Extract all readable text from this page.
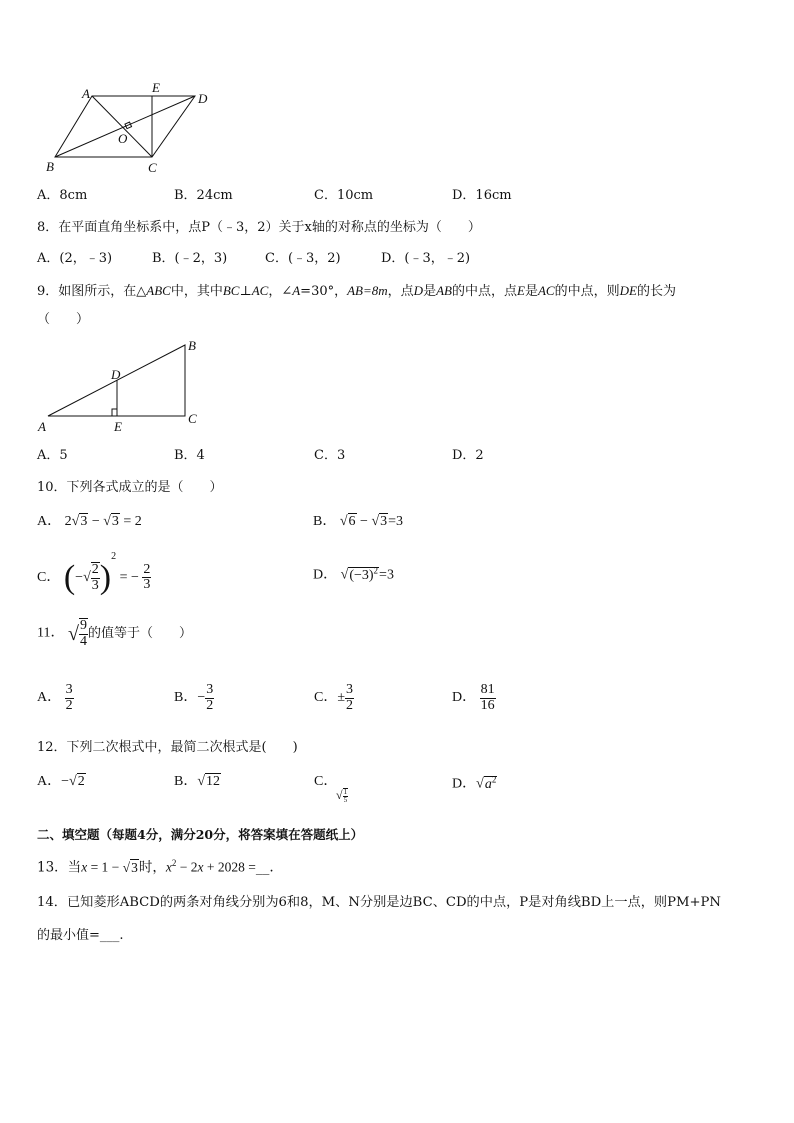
A	E
D
O
B	C
A．8cm	B．24cm	C．10cm	D．16cm
8．在平面直角坐标系中，点P（﹣3，2）关于x轴的对称点的坐标为（　　）
A．(2，﹣3)	B．(﹣2，3)	C．(﹣3，2)	D．(﹣3，﹣2)
9．如图所示，在△ABC中，其中BC⊥AC，∠A=30°，AB=8m，点D是AB的中点，点E是AC的中点，则DE的长为
（　　）
B
D
C
A	E
A．5	B．4	C．3	D．2
10．下列各式成立的是（　　）
A． 2√3 − √3 = 2	B． √6 − √3=3
C． (−√ $\frac{2}{3} )^2$ = − $\frac{2}{3}$	D． $√(-3)^2=3$
11． √ $\frac{9}{4}$ 的值等于（　　）
A． $\frac{3}{2}$	B．− $\frac{3}{2}$	C．± $\frac{3}{2}$	D． $\frac{81}{16}$
12．下列二次根式中，最简二次根式是(　　)
A．−√2	B．√12	C．
√ $\frac{1}{5}$
D．$√a^2$
二、填空题（每题4分，满分20分，将答案填在答题纸上）
13．当x = 1 − √3时，$x^2 - 2x + 2028$ =__.
14．已知菱形ABCD的两条对角线分别为6和8，M、N分别是边BC、CD的中点，P是对角线BD上一点，则PM+PN
的最小值=___.
